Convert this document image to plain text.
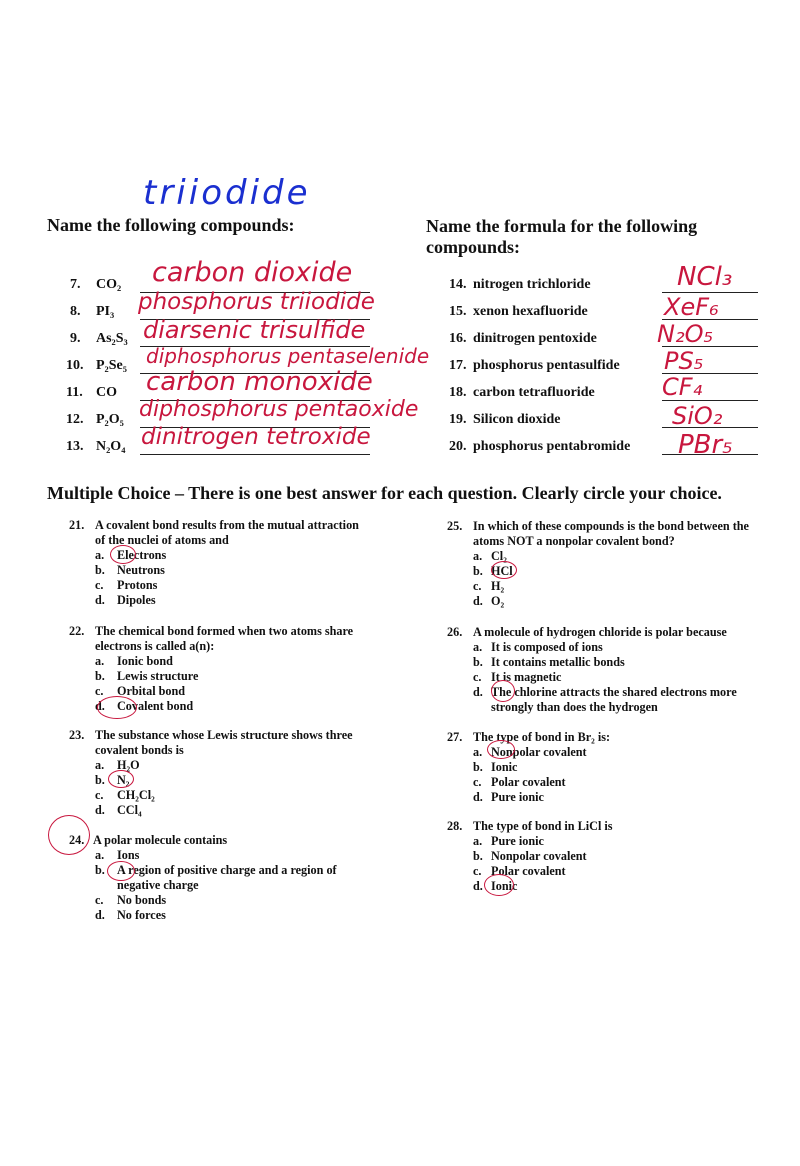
triiodide
Name the following compounds:	Name the formula for the following compounds:
7. CO₂ carbon dioxide
8. PI₃ phosphorus triiodide
9. As₂S₃ diarsenic trisulfide
10. P₂Se₅ diphosphorus pentaselenide
11. CO carbon monoxide
12. P₂O₅ diphosphorus pentaoxide
13. N₂O₄ dinitrogen tetroxide
14. nitrogen trichloride	NCl₃
15. xenon hexafluoride	XeF₆
16. dinitrogen pentoxide	N₂O₅
17. phosphorus pentasulfide PS₅
18. carbon tetrafluoride	CF₄
19. Silicon dioxide	SiO₂
20. phosphorus pentabromide PBr₅
Multiple Choice – There is one best answer for each question. Clearly circle your choice.
21. A covalent bond results from the mutual attraction of the nuclei of atoms and
a.	Electrons
b. Neutrons
c.	Protons
d. Dipoles
22. The chemical bond formed when two atoms share electrons is called a(n):
a.	Ionic bond
b. Lewis structure
c.	Orbital bond
d. Covalent bond
23. The substance whose Lewis structure shows three covalent bonds is
a.	H₂O
b. N₂
c.	CH₂Cl₂
d. CCl₄
24. A polar molecule contains
a.	Ions
b. A region of positive charge and a region of negative charge
c.	No bonds
d. No forces
25. In which of these compounds is the bond between the atoms NOT a nonpolar covalent bond?
a. Cl₂
b. HCl
c. H₂
d. O₂
26. A molecule of hydrogen chloride is polar because
a. It is composed of ions
b. It contains metallic bonds
c. It is magnetic
d. The chlorine attracts the shared electrons more strongly than does the hydrogen
27. The type of bond in Br₂ is:
a. Nonpolar covalent
b. Ionic
c. Polar covalent
d. Pure ionic
28. The type of bond in LiCl is
a. Pure ionic
b. Nonpolar covalent
c. Polar covalent
d. Ionic
